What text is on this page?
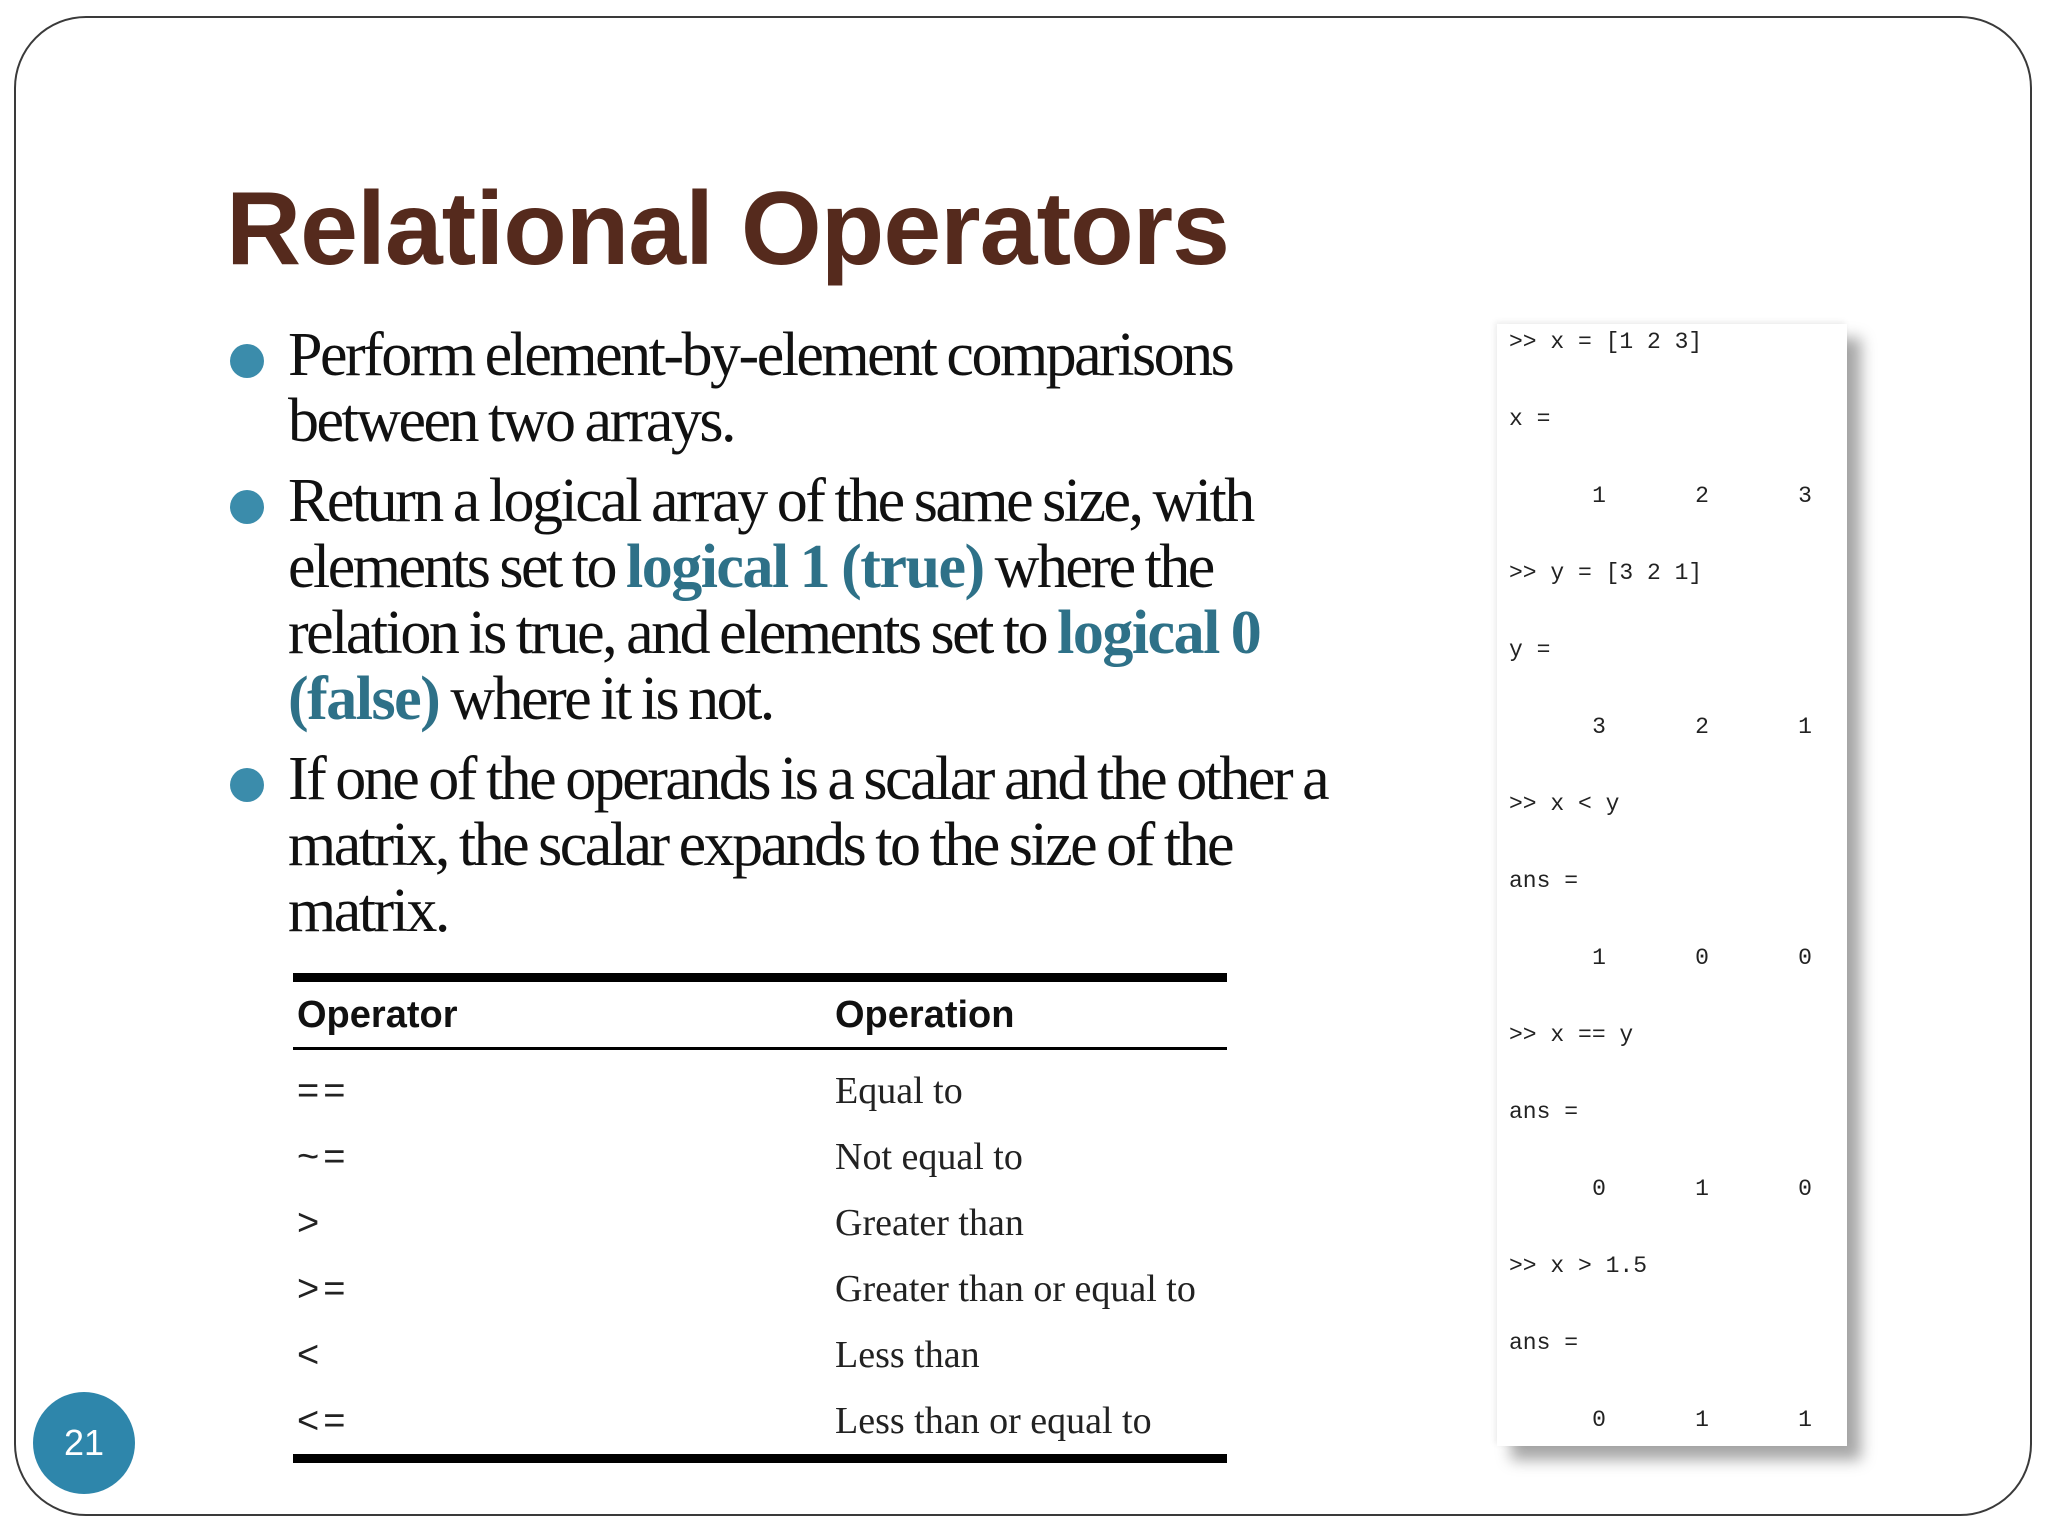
Relational Operators
Perform element-by-element comparisons between two arrays.
Return a logical array of the same size, with elements set to logical 1 (true) where the relation is true, and elements set to logical 0 (false) where it is not.
If one of the operands is a scalar and the other a matrix, the scalar expands to the size of the matrix.
Operator	Operation
==	Equal to
~=	Not equal to
>	Greater than
>=	Greater than or equal to
<	Less than
<=	Less than or equal to
>> x = [1 2 3]
x =
1	2	3
>> y = [3 2 1]
y =
3	2	1
>> x < y
ans =
1	0	0
>> x == y
ans =
0	1	0
>> x > 1.5
ans =
0	1	1
21
